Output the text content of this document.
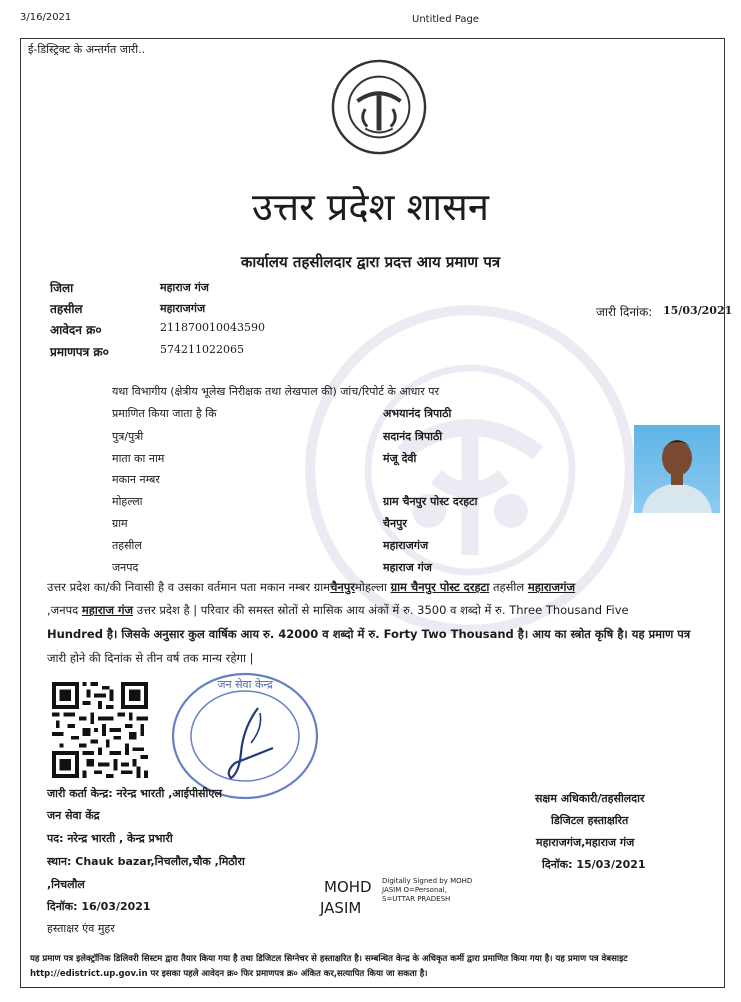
3/16/2021	Untitled Page
ई-डिस्ट्रिक्ट के अन्तर्गत जारी..
उत्तर प्रदेश शासन
कार्यालय तहसीलदार द्वारा प्रदत्त आय प्रमाण पत्र
जिला	महाराज गंज
तहसील	महाराजगंज
आवेदन क्र०	211870010043590
प्रमाणपत्र क्र०	574211022065
जारी दिनांक: 15/03/2021
यथा विभागीय (क्षेत्रीय भूलेख निरीक्षक तथा लेखपाल की) जांच/रिपोर्ट के आधार पर
प्रमाणित किया जाता है कि	अभयानंद त्रिपाठी
पुत्र/पुत्री	सदानंद त्रिपाठी
माता का नाम	मंजू देवी
मकान नम्बर
मोहल्ला	ग्राम चैनपुर पोस्ट दरहटा
ग्राम	चैनपुर
तहसील	महाराजगंज
जनपद	महाराज गंज
उत्तर प्रदेश का/की निवासी है व उसका वर्तमान पता मकान नम्बर ग्रामचैनपुरमोहल्ला ग्राम चैनपुर पोस्ट दरहटा तहसील महाराजगंज
,जनपद महाराज गंज उत्तर प्रदेश है | परिवार की समस्त स्रोतों से मासिक आय अंकों में रु. 3500 व शब्दो में रु. Three Thousand Five
Hundred है। जिसके अनुसार कुल वार्षिक आय रु. 42000 व शब्दो में रु. Forty Two Thousand है। आय का स्त्रोत कृषि है। यह प्रमाण पत्र
जारी होने की दिनांक से तीन वर्ष तक मान्य रहेगा |
जन सेवा केन्द्र
जारी कर्ता केन्द्र: नरेन्द्र भारती ,आईपीसीएल
जन सेवा केंद्र
पद: नरेन्द्र भारती , केन्द्र प्रभारी
स्थान: Chauk bazar,निचलौल,चौक ,मिठौरा
,निचलौल
दिनॉक: 16/03/2021
हस्ताक्षर एंव मुहर
MOHD
JASIM
Digitally Signed by MOHD
JASIM O=Personal,
S=UTTAR PRADESH
सक्षम अधिकारी/तहसीलदार
डिजिटल हस्ताक्षरित
महाराजगंज,महाराज गंज
दिनॉक: 15/03/2021
यह प्रमाण पत्र इलेक्ट्रॉनिक डिलिवरी सिस्टम द्वारा तैयार किया गया है तथा डिजिटल सिग्नेचर से हस्ताक्षरित है। सम्बन्धित केन्द्र के अधिकृत कर्मी द्वारा प्रमाणित किया गया है। यह प्रमाण पत्र वेबसाइट http://edistrict.up.gov.in पर इसका पहले आवेदन क्र० फिर प्रमाणपत्र क्र० अंकित कर,सत्यापित किया जा सकता है।
